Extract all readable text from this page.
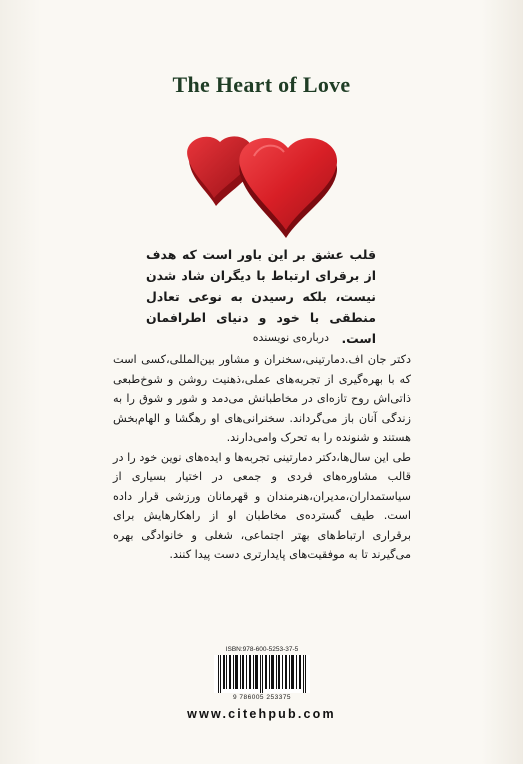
The Heart of Love
قلب عشق بر این باور است که هدف از برقرای ارتباط با دیگران شاد شدن نیست، بلکه رسیدن به نوعی تعادل منطقی با خود و دنیای اطرافمان است.
درباره‌ی نویسنده

دکتر جان اف.دمارتینی،سخنران و مشاور بین‌المللی،کسی است که با بهره‌گیری از تجربه‌های عملی،ذهنیت روشن و شوخ‌طبعی ذاتی‌اش روح تازه‌ای در مخاطبانش می‌دمد و شور و شوق را به زندگی آنان باز می‌گرداند. سخنرانی‌های او رهگشا و الهام‌بخش هستند و شنونده را به تحرک وامی‌دارند.

طی این سال‌ها،دکتر دمارتینی تجربه‌ها و ایده‌های نوین خود را در قالب مشاوره‌های فردی و جمعی در اختیار بسیاری از سیاستمداران،مدیران،هنرمندان و قهرمانان ورزشی قرار داده است. طیف گسترده‌ی مخاطبان او از راهکارهایش برای برقراری ارتباط‌های بهتر اجتماعی، شغلی و خانوادگی بهره می‌گیرند تا به موفقیت‌های پایدارتری دست پیدا کنند.

ISBN:978-600-5253-37-5
9 786005 253375
www.citehpub.com
